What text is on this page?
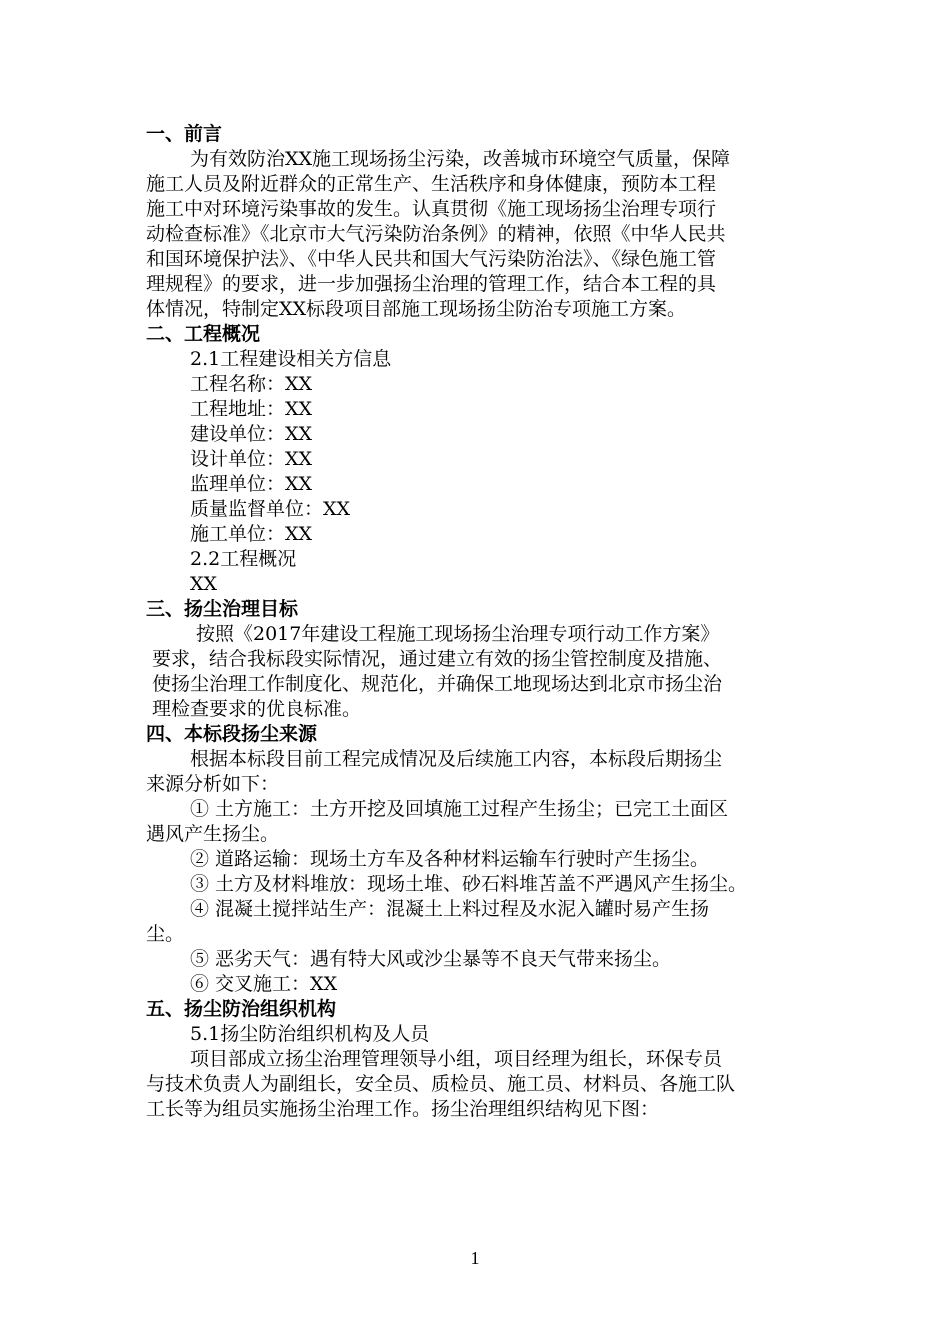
一、前言
为有效防治XX施工现场扬尘污染，改善城市环境空气质量，保障
施工人员及附近群众的正常生产、生活秩序和身体健康，预防本工程
施工中对环境污染事故的发生。认真贯彻《施工现场扬尘治理专项行
动检查标准》《北京市大气污染防治条例》的精神，依照《中华人民共
和国环境保护法》、《中华人民共和国大气污染防治法》、《绿色施工管
理规程》的要求，进一步加强扬尘治理的管理工作，结合本工程的具
体情况，特制定XX标段项目部施工现场扬尘防治专项施工方案。
二、工程概况
2.1工程建设相关方信息
工程名称：XX
工程地址：XX
建设单位：XX
设计单位：XX
监理单位：XX
质量监督单位：XX
施工单位：XX
2.2工程概况
XX
三、扬尘治理目标
按照《2017年建设工程施工现场扬尘治理专项行动工作方案》
要求，结合我标段实际情况，通过建立有效的扬尘管控制度及措施、
使扬尘治理工作制度化、规范化，并确保工地现场达到北京市扬尘治
理检查要求的优良标准。
四、本标段扬尘来源
根据本标段目前工程完成情况及后续施工内容，本标段后期扬尘
来源分析如下：
① 土方施工：土方开挖及回填施工过程产生扬尘；已完工土面区
遇风产生扬尘。
② 道路运输：现场土方车及各种材料运输车行驶时产生扬尘。
③ 土方及材料堆放：现场土堆、砂石料堆苫盖不严遇风产生扬尘。
④ 混凝土搅拌站生产：混凝土上料过程及水泥入罐时易产生扬
尘。
⑤ 恶劣天气：遇有特大风或沙尘暴等不良天气带来扬尘。
⑥ 交叉施工：XX
五、扬尘防治组织机构
5.1扬尘防治组织机构及人员
项目部成立扬尘治理管理领导小组，项目经理为组长，环保专员
与技术负责人为副组长，安全员、质检员、施工员、材料员、各施工队
工长等为组员实施扬尘治理工作。扬尘治理组织结构见下图：
1
